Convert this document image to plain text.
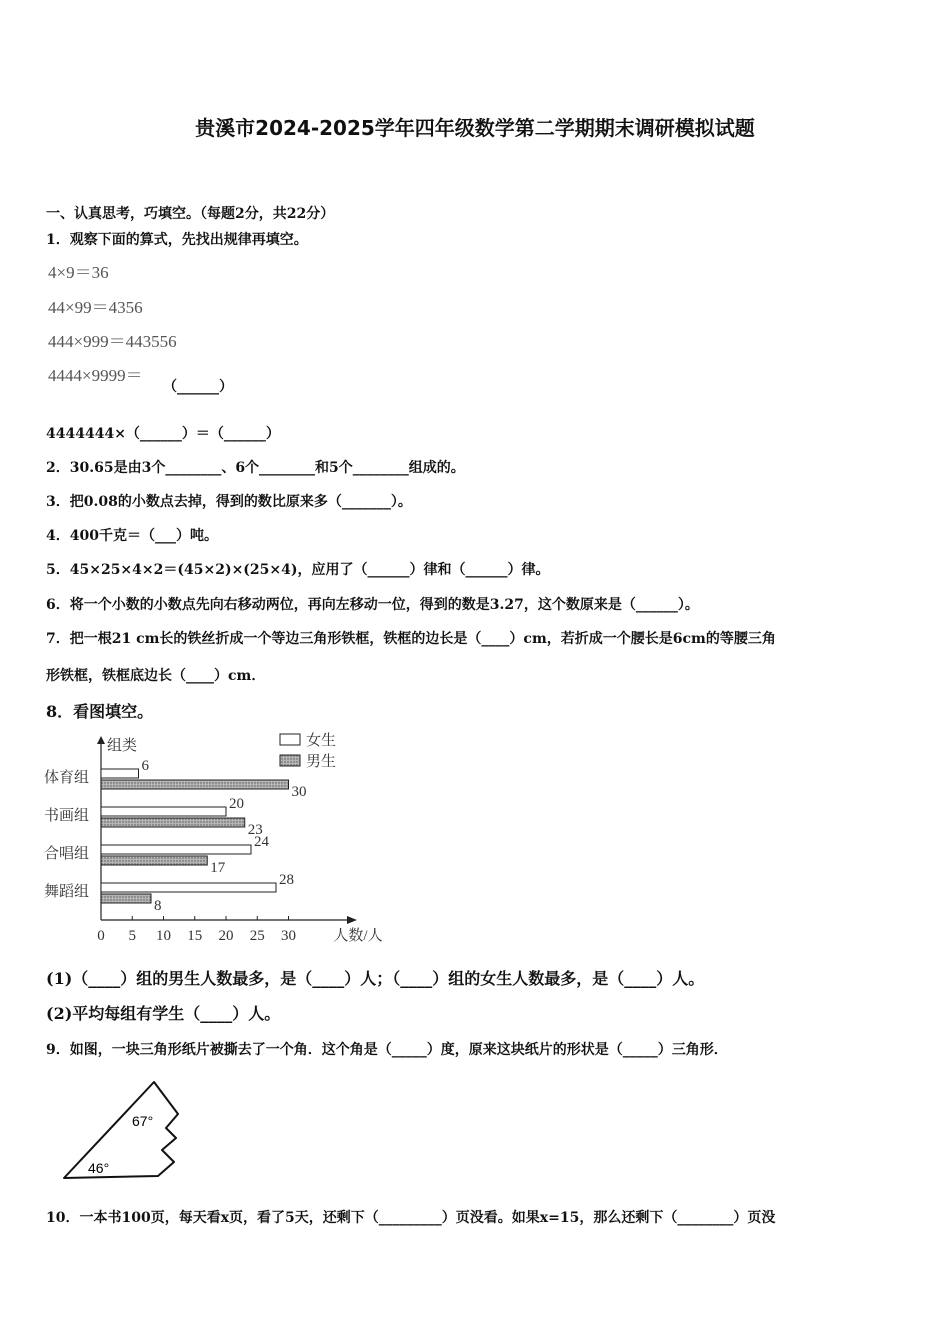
贵溪市2024-2025学年四年级数学第二学期期末调研模拟试题
一、认真思考，巧填空。（每题2分，共22分）
1．观察下面的算式，先找出规律再填空。
4×9＝36
44×99＝4356
444×999＝443556
4444×9999＝
（______）
4444444×（______）＝（______）
2．30.65是由3个________、6个________和5个________组成的。
3．把0.08的小数点去掉，得到的数比原来多（_______）。
4．400千克＝（___）吨。
5．45×25×4×2＝(45×2)×(25×4)，应用了（______）律和（______）律。
6．将一个小数的小数点先向右移动两位，再向左移动一位，得到的数是3.27，这个数原来是（______）。
7．把一根21 cm长的铁丝折成一个等边三角形铁框，铁框的边长是（____）cm，若折成一个腰长是6cm的等腰三角
形铁框，铁框底边长（____）cm．
8．看图填空。
组类
0 5 10 15 20 25 30 人数/人
女生
男生
体育组
6
30
书画组
20
23
合唱组
24
17
舞蹈组
28
8
(1)（____）组的男生人数最多，是（____）人；（____）组的女生人数最多，是（____）人。
(2)平均每组有学生（____）人。
9．如图，一块三角形纸片被撕去了一个角．这个角是（_____）度，原来这块纸片的形状是（_____）三角形．
67°
46°
10．一本书100页，每天看x页，看了5天，还剩下（_________）页没看。如果x=15，那么还剩下（________）页没
